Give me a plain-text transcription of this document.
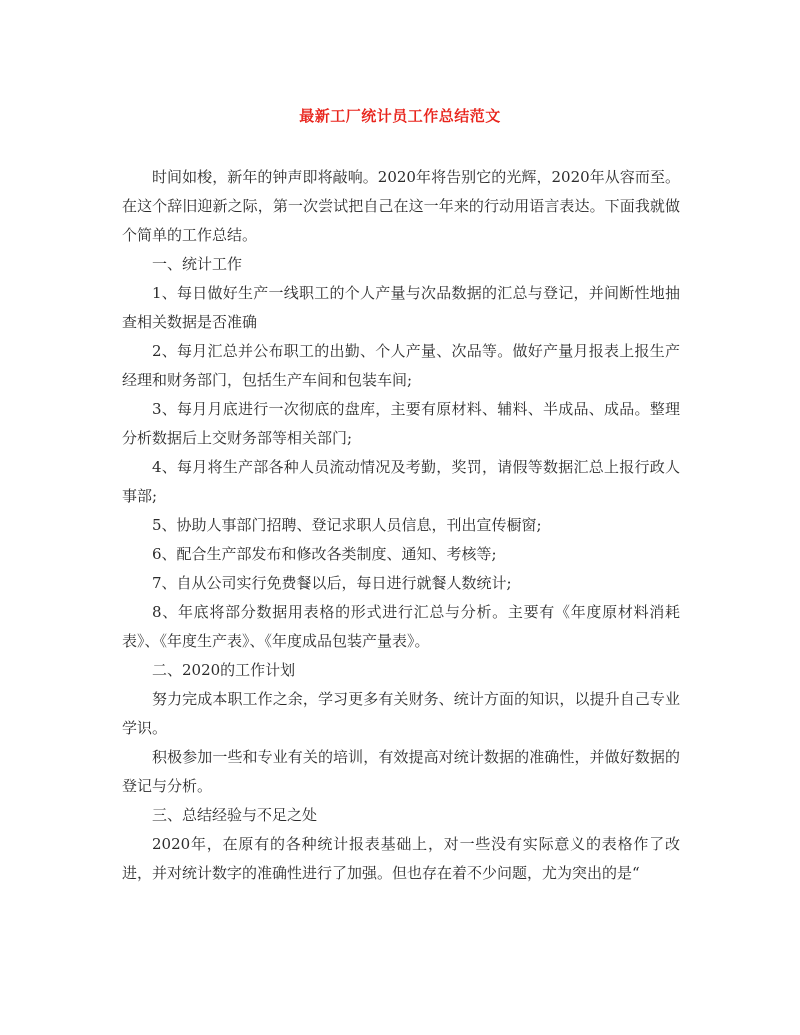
最新工厂统计员工作总结范文

时间如梭，新年的钟声即将敲响。2020年将告别它的光辉，2020年从容而至。在这个辞旧迎新之际，第一次尝试把自己在这一年来的行动用语言表达。下面我就做个简单的工作总结。

一、统计工作

1、每日做好生产一线职工的个人产量与次品数据的汇总与登记，并间断性地抽查相关数据是否准确

2、每月汇总并公布职工的出勤、个人产量、次品等。做好产量月报表上报生产经理和财务部门，包括生产车间和包装车间;

3、每月月底进行一次彻底的盘库，主要有原材料、辅料、半成品、成品。整理分析数据后上交财务部等相关部门;

4、每月将生产部各种人员流动情况及考勤，奖罚，请假等数据汇总上报行政人事部;

5、协助人事部门招聘、登记求职人员信息，刊出宣传橱窗;

6、配合生产部发布和修改各类制度、通知、考核等;

7、自从公司实行免费餐以后，每日进行就餐人数统计;

8、年底将部分数据用表格的形式进行汇总与分析。主要有《年度原材料消耗表》、《年度生产表》、《年度成品包装产量表》。

二、2020的工作计划

努力完成本职工作之余，学习更多有关财务、统计方面的知识，以提升自己专业学识。

积极参加一些和专业有关的培训，有效提高对统计数据的准确性，并做好数据的登记与分析。

三、总结经验与不足之处

2020年，在原有的各种统计报表基础上，对一些没有实际意义的表格作了改进，并对统计数字的准确性进行了加强。但也存在着不少问题，尤为突出的是“
